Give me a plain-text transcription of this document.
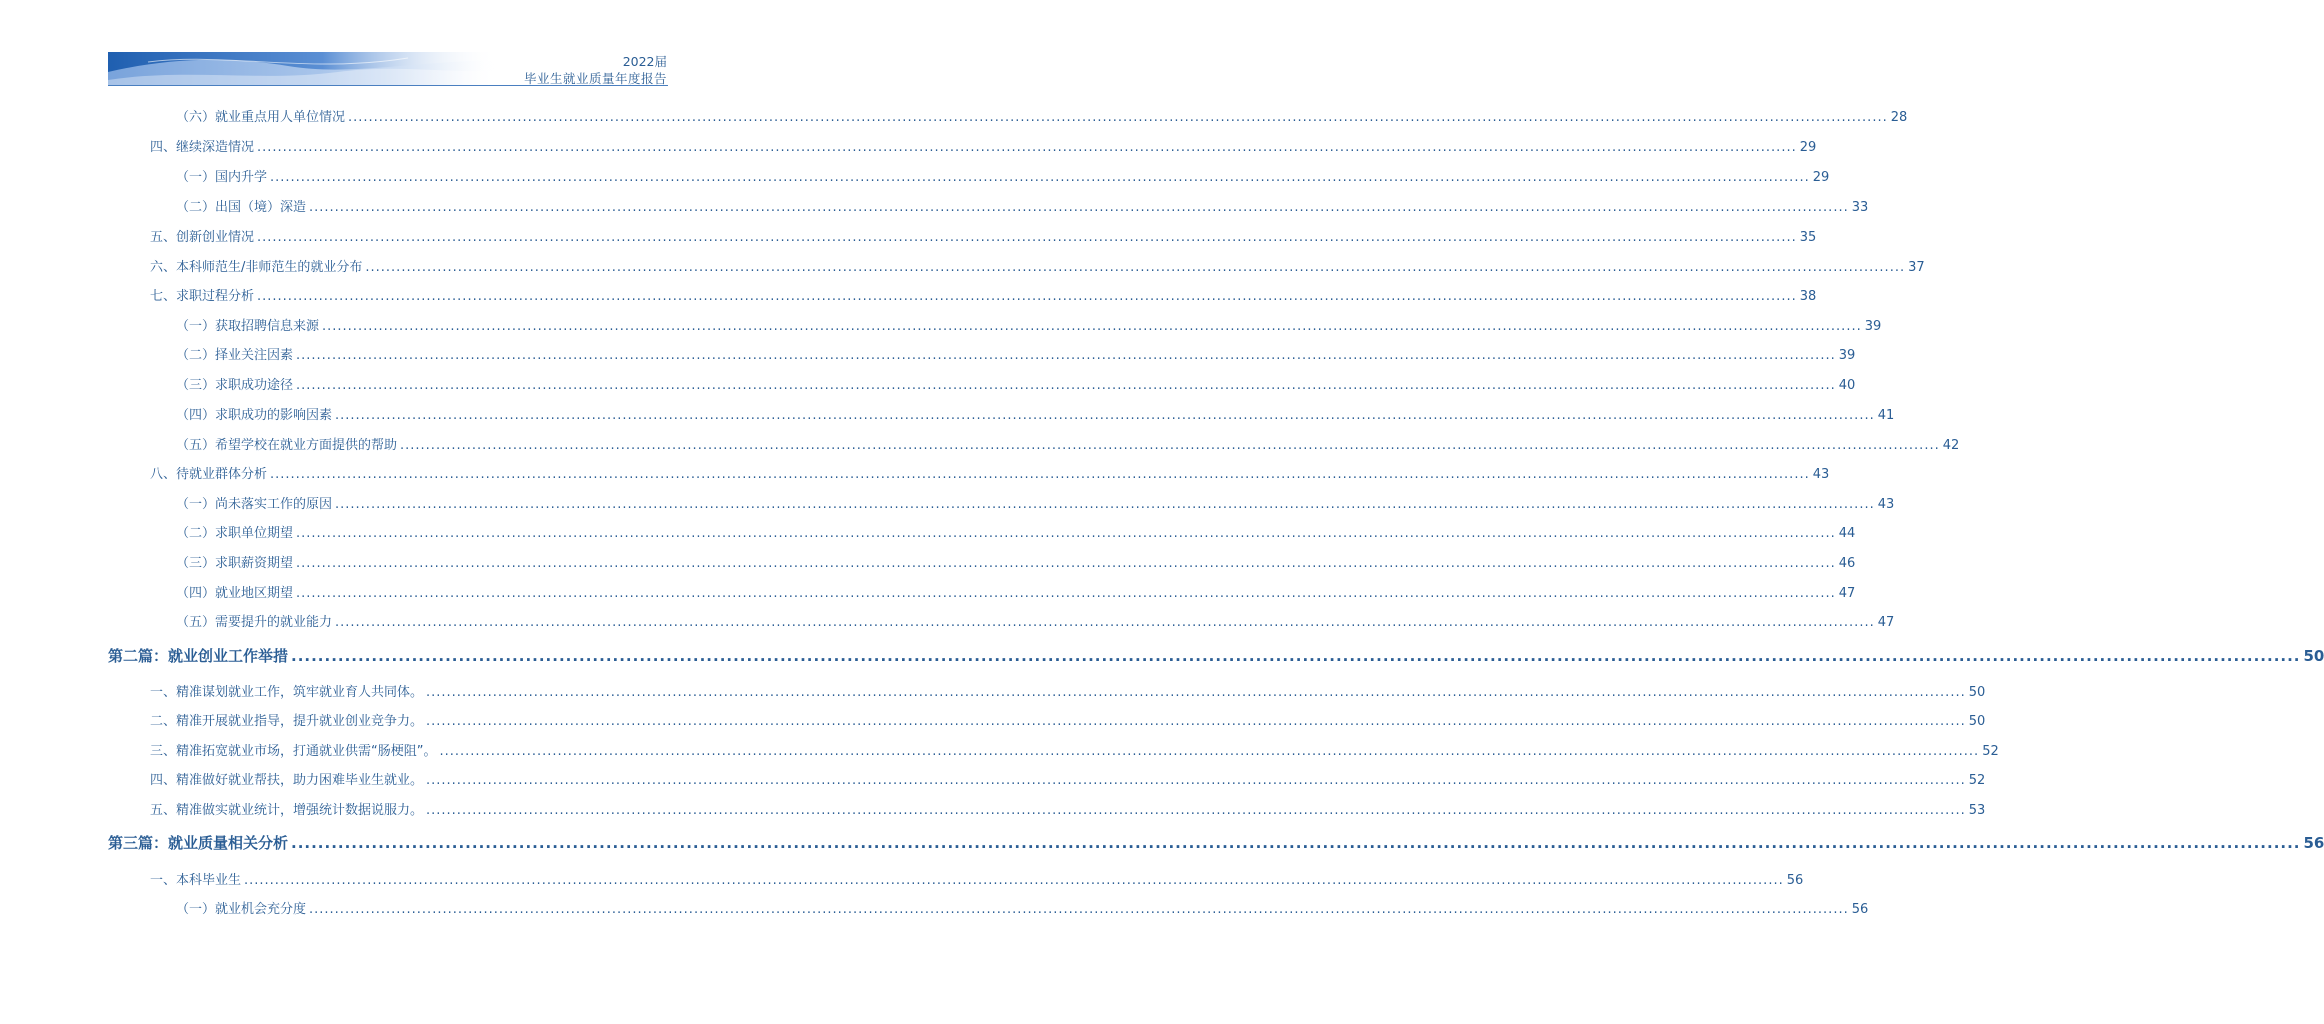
2022届
毕业生就业质量年度报告
（六）就业重点用人单位情况 ............................................................................................................................................................................................................................................................................................................ 28
四、继续深造情况 ............................................................................................................................................................................................................................................................................................................ 29
（一）国内升学 ............................................................................................................................................................................................................................................................................................................ 29
（二）出国（境）深造 ............................................................................................................................................................................................................................................................................................................ 33
五、创新创业情况 ............................................................................................................................................................................................................................................................................................................ 35
六、本科师范生/非师范生的就业分布 ............................................................................................................................................................................................................................................................................................................ 37
七、求职过程分析 ............................................................................................................................................................................................................................................................................................................ 38
（一）获取招聘信息来源 ............................................................................................................................................................................................................................................................................................................ 39
（二）择业关注因素 ............................................................................................................................................................................................................................................................................................................ 39
（三）求职成功途径 ............................................................................................................................................................................................................................................................................................................ 40
（四）求职成功的影响因素 ............................................................................................................................................................................................................................................................................................................ 41
（五）希望学校在就业方面提供的帮助 ............................................................................................................................................................................................................................................................................................................ 42
八、待就业群体分析 ............................................................................................................................................................................................................................................................................................................ 43
（一）尚未落实工作的原因 ............................................................................................................................................................................................................................................................................................................ 43
（二）求职单位期望 ............................................................................................................................................................................................................................................................................................................ 44
（三）求职薪资期望 ............................................................................................................................................................................................................................................................................................................ 46
（四）就业地区期望 ............................................................................................................................................................................................................................................................................................................ 47
（五）需要提升的就业能力 ............................................................................................................................................................................................................................................................................................................ 47
第二篇：就业创业工作举措 ............................................................................................................................................................................................................................................................................................................ 50
一、精准谋划就业工作，筑牢就业育人共同体。 ............................................................................................................................................................................................................................................................................................................ 50
二、精准开展就业指导，提升就业创业竞争力。 ............................................................................................................................................................................................................................................................................................................ 50
三、精准拓宽就业市场，打通就业供需“肠梗阻”。 ............................................................................................................................................................................................................................................................................................................ 52
四、精准做好就业帮扶，助力困难毕业生就业。 ............................................................................................................................................................................................................................................................................................................ 52
五、精准做实就业统计，增强统计数据说服力。 ............................................................................................................................................................................................................................................................................................................ 53
第三篇：就业质量相关分析 ............................................................................................................................................................................................................................................................................................................ 56
一、本科毕业生 ............................................................................................................................................................................................................................................................................................................ 56
（一）就业机会充分度 ............................................................................................................................................................................................................................................................................................................ 56
